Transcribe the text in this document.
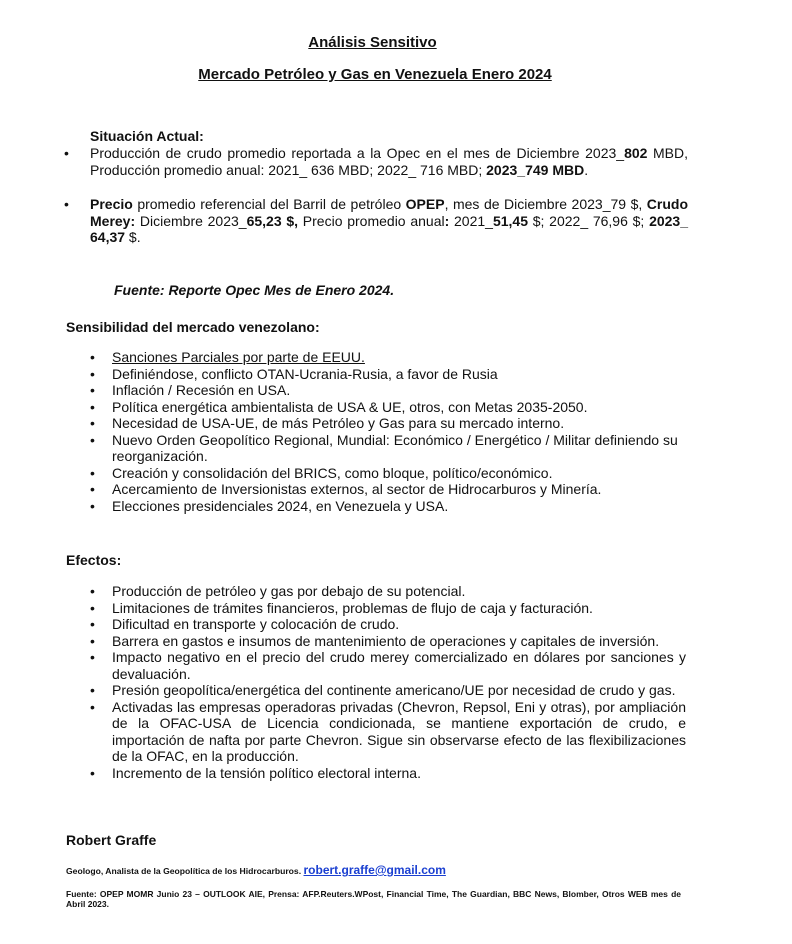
Análisis Sensitivo
Mercado Petróleo y Gas en Venezuela Enero 2024
Situación Actual:
• Producción de crudo promedio reportada a la Opec en el mes de Diciembre 2023_802 MBD, Producción promedio anual: 2021_ 636 MBD; 2022_ 716 MBD; 2023_749 MBD.
• Precio promedio referencial del Barril de petróleo OPEP, mes de Diciembre 2023_79 $, Crudo Merey: Diciembre 2023_65,23 $, Precio promedio anual: 2021_51,45 $; 2022_ 76,96 $; 2023_ 64,37 $.
Fuente: Reporte Opec Mes de Enero 2024.
Sensibilidad del mercado venezolano:
• Sanciones Parciales por parte de EEUU.
• Definiéndose, conflicto OTAN-Ucrania-Rusia, a favor de Rusia
• Inflación / Recesión en USA.
• Política energética ambientalista de USA & UE, otros, con Metas 2035-2050.
• Necesidad de USA-UE, de más Petróleo y Gas para su mercado interno.
• Nuevo Orden Geopolítico Regional, Mundial: Económico / Energético / Militar definiendo su reorganización.
• Creación y consolidación del BRICS, como bloque, político/económico.
• Acercamiento de Inversionistas externos, al sector de Hidrocarburos y Minería.
• Elecciones presidenciales 2024, en Venezuela y USA.
Efectos:
• Producción de petróleo y gas por debajo de su potencial.
• Limitaciones de trámites financieros, problemas de flujo de caja y facturación.
• Dificultad en transporte y colocación de crudo.
• Barrera en gastos e insumos de mantenimiento de operaciones y capitales de inversión.
• Impacto negativo en el precio del crudo merey comercializado en dólares por sanciones y devaluación.
• Presión geopolítica/energética del continente americano/UE por necesidad de crudo y gas.
• Activadas las empresas operadoras privadas (Chevron, Repsol, Eni y otras), por ampliación de la OFAC-USA de Licencia condicionada, se mantiene exportación de crudo, e importación de nafta por parte Chevron. Sigue sin observarse efecto de las flexibilizaciones de la OFAC, en la producción.
• Incremento de la tensión político electoral interna.
Robert Graffe
Geologo, Analista de la Geopolítica de los Hidrocarburos. robert.graffe@gmail.com
Fuente: OPEP MOMR Junio 23 – OUTLOOK AIE, Prensa: AFP.Reuters.WPost, Financial Time, The Guardian, BBC News, Blomber, Otros WEB mes de Abril 2023.
